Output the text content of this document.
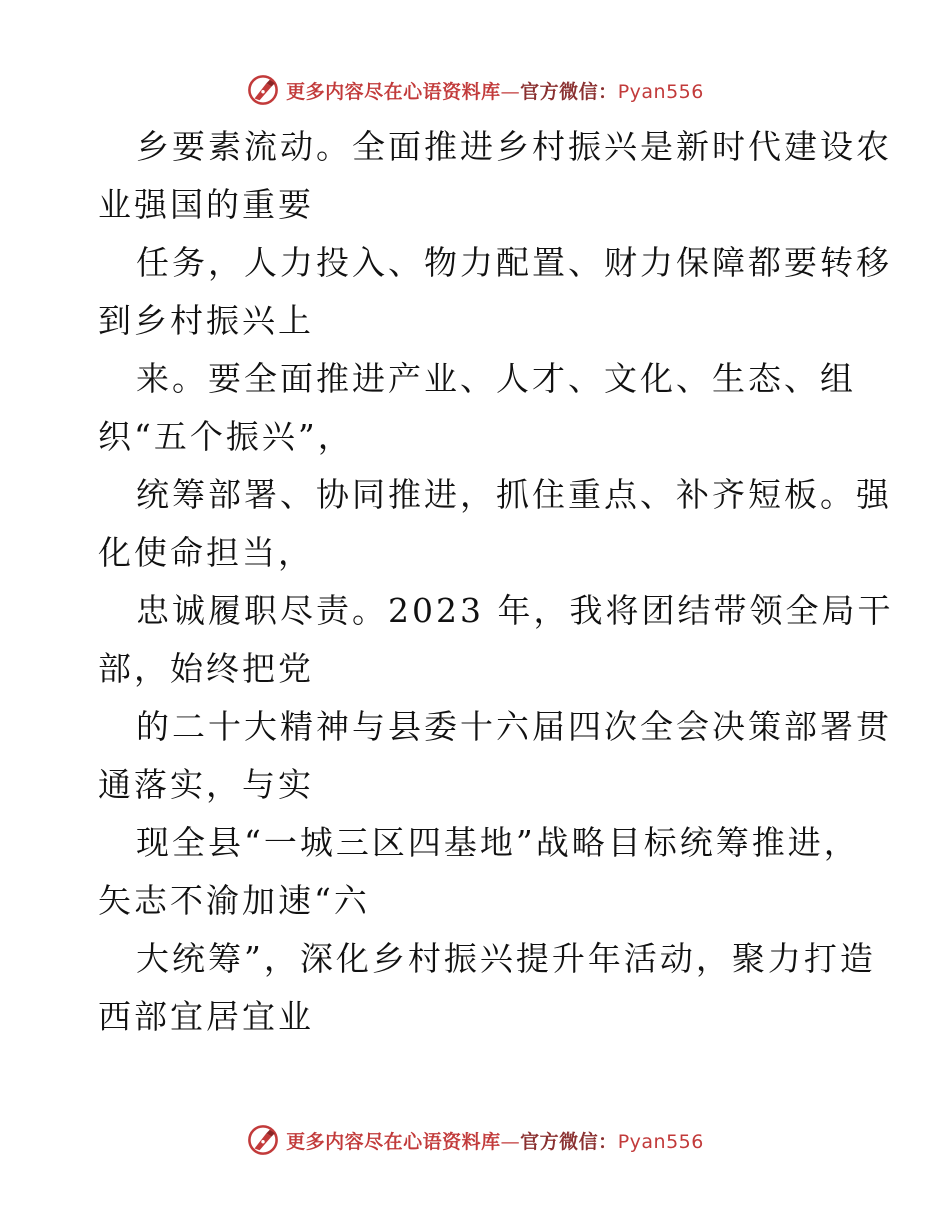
更多内容尽在心语资料库—官方微信：Pyan556
乡要素流动。全面推进乡村振兴是新时代建设农
业强国的重要
任务，人力投入、物力配置、财力保障都要转移
到乡村振兴上
来。要全面推进产业、人才、文化、生态、组
织“五个振兴”，
统筹部署、协同推进，抓住重点、补齐短板。强
化使命担当，
忠诚履职尽责。2023 年，我将团结带领全局干
部，始终把党
的二十大精神与县委十六届四次全会决策部署贯
通落实，与实
现全县“一城三区四基地”战略目标统筹推进，
矢志不渝加速“六
大统筹”，深化乡村振兴提升年活动，聚力打造
西部宜居宜业
更多内容尽在心语资料库—官方微信：Pyan556
